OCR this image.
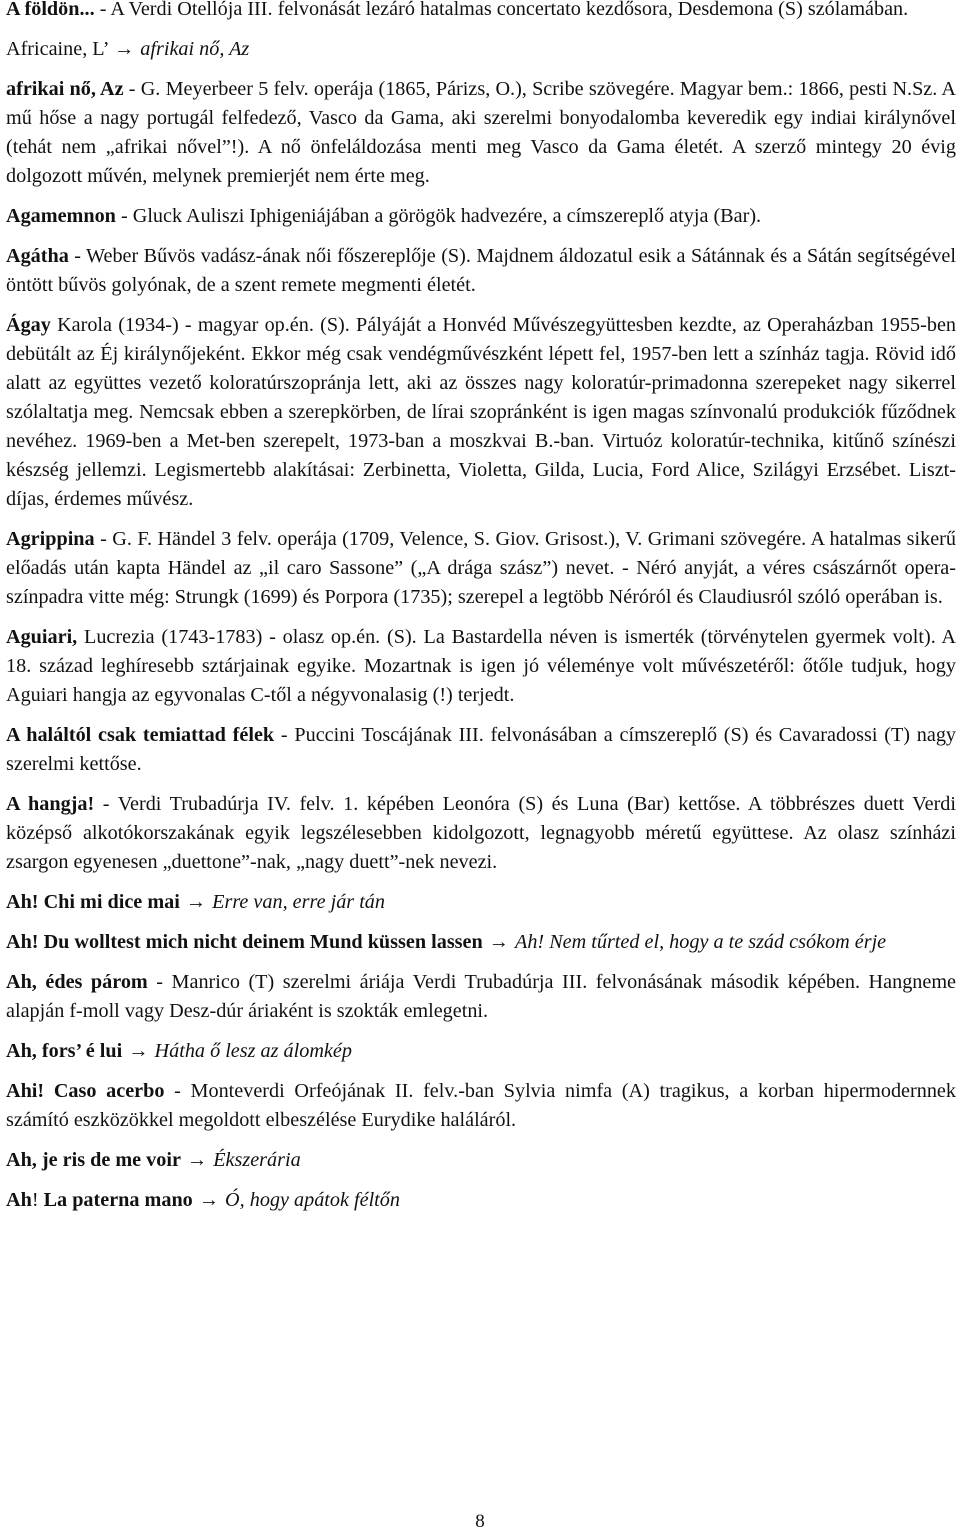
A földön... - A Verdi Otellója III. felvonását lezáró hatalmas concertato kezdősora, Desdemona (S) szólamában.

Africaine, L’ → afrikai nő, Az

afrikai nő, Az - G. Meyerbeer 5 felv. operája (1865, Párizs, O.), Scribe szövegére. Magyar bem.: 1866, pesti N.Sz. A mű hőse a nagy portugál felfedező, Vasco da Gama, aki szerelmi bonyodalomba keveredik egy indiai királynővel (tehát nem „afrikai nővel”!). A nő önfeláldozása menti meg Vasco da Gama életét. A szerző mintegy 20 évig dolgozott művén, melynek premierjét nem érte meg.

Agamemnon - Gluck Auliszi Iphigeniájában a görögök hadvezére, a címszereplő atyja (Bar).

Agátha - Weber Bűvös vadász-ának női főszereplője (S). Majdnem áldozatul esik a Sátánnak és a Sátán segítségével öntött bűvös golyónak, de a szent remete megmenti életét.

Ágay Karola (1934-) - magyar op.én. (S). Pályáját a Honvéd Művészegyüttesben kezdte, az Operaházban 1955-ben debütált az Éj királynőjeként. Ekkor még csak vendégművészként lépett fel, 1957-ben lett a színház tagja. Rövid idő alatt az együttes vezető koloratúrszopránja lett, aki az összes nagy koloratúr-primadonna szerepeket nagy sikerrel szólaltatja meg. Nemcsak ebben a szerepkörben, de lírai szopránként is igen magas színvonalú produkciók fűződnek nevéhez. 1969-ben a Met-ben szerepelt, 1973-ban a moszkvai B.-ban. Virtuóz koloratúr-technika, kitűnő színészi készség jellemzi. Legismertebb alakításai: Zerbinetta, Violetta, Gilda, Lucia, Ford Alice, Szilágyi Erzsébet. Liszt-díjas, érdemes művész.

Agrippina - G. F. Händel 3 felv. operája (1709, Velence, S. Giov. Grisost.), V. Grimani szövegére. A hatalmas sikerű előadás után kapta Händel az „il caro Sassone” („A drága szász”) nevet. - Néró anyját, a véres császárnőt opera-színpadra vitte még: Strungk (1699) és Porpora (1735); szerepel a legtöbb Néróról és Claudiusról szóló operában is.

Aguiari, Lucrezia (1743-1783) - olasz op.én. (S). La Bastardella néven is ismerték (törvénytelen gyermek volt). A 18. század leghíresebb sztárjainak egyike. Mozartnak is igen jó véleménye volt művészetéről: őtőle tudjuk, hogy Aguiari hangja az egyvonalas C-től a négyvonalasig (!) terjedt.

A haláltól csak temiattad félek - Puccini Toscájának III. felvonásában a címszereplő (S) és Cavaradossi (T) nagy szerelmi kettőse.

A hangja! - Verdi Trubadúrja IV. felv. 1. képében Leonóra (S) és Luna (Bar) kettőse. A többrészes duett Verdi középső alkotókorszakának egyik legszélesebben kidolgozott, legnagyobb méretű együttese. Az olasz színházi zsargon egyenesen „duettone”-nak, „nagy duett”-nek nevezi.

Ah! Chi mi dice mai → Erre van, erre jár tán

Ah! Du wolltest mich nicht deinem Mund küssen lassen → Ah! Nem tűrted el, hogy a te szád csókom érje

Ah, édes párom - Manrico (T) szerelmi áriája Verdi Trubadúrja III. felvonásának második képében. Hangneme alapján f-moll vagy Desz-dúr áriaként is szokták emlegetni.

Ah, fors’ é lui → Hátha ő lesz az álomkép

Ahi! Caso acerbo - Monteverdi Orfeójának II. felv.-ban Sylvia nimfa (A) tragikus, a korban hipermodernnek számító eszközökkel megoldott elbeszélése Eurydike haláláról.

Ah, je ris de me voir → Ékszerária

Ah! La paterna mano → Ó, hogy apátok féltőn

8
